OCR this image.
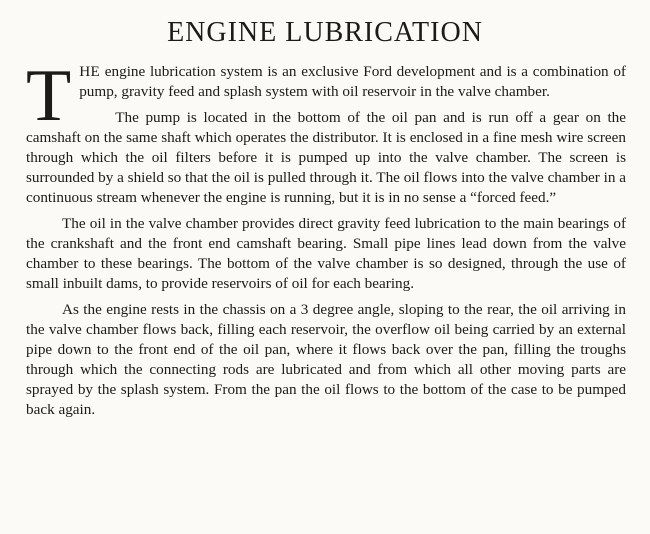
ENGINE LUBRICATION

THE engine lubrication system is an exclusive Ford development and is a combination of pump, gravity feed and splash system with oil reservoir in the valve chamber.

The pump is located in the bottom of the oil pan and is run off a gear on the camshaft on the same shaft which operates the distributor. It is enclosed in a fine mesh wire screen through which the oil filters before it is pumped up into the valve chamber. The screen is surrounded by a shield so that the oil is pulled through it. The oil flows into the valve chamber in a continuous stream whenever the engine is running, but it is in no sense a “forced feed.”

The oil in the valve chamber provides direct gravity feed lubrication to the main bearings of the crankshaft and the front end camshaft bearing. Small pipe lines lead down from the valve chamber to these bearings. The bottom of the valve chamber is so designed, through the use of small inbuilt dams, to provide reservoirs of oil for each bearing.

As the engine rests in the chassis on a 3 degree angle, sloping to the rear, the oil arriving in the valve chamber flows back, filling each reservoir, the overflow oil being carried by an external pipe down to the front end of the oil pan, where it flows back over the pan, filling the troughs through which the connecting rods are lubricated and from which all other moving parts are sprayed by the splash system. From the pan the oil flows to the bottom of the case to be pumped back again.
